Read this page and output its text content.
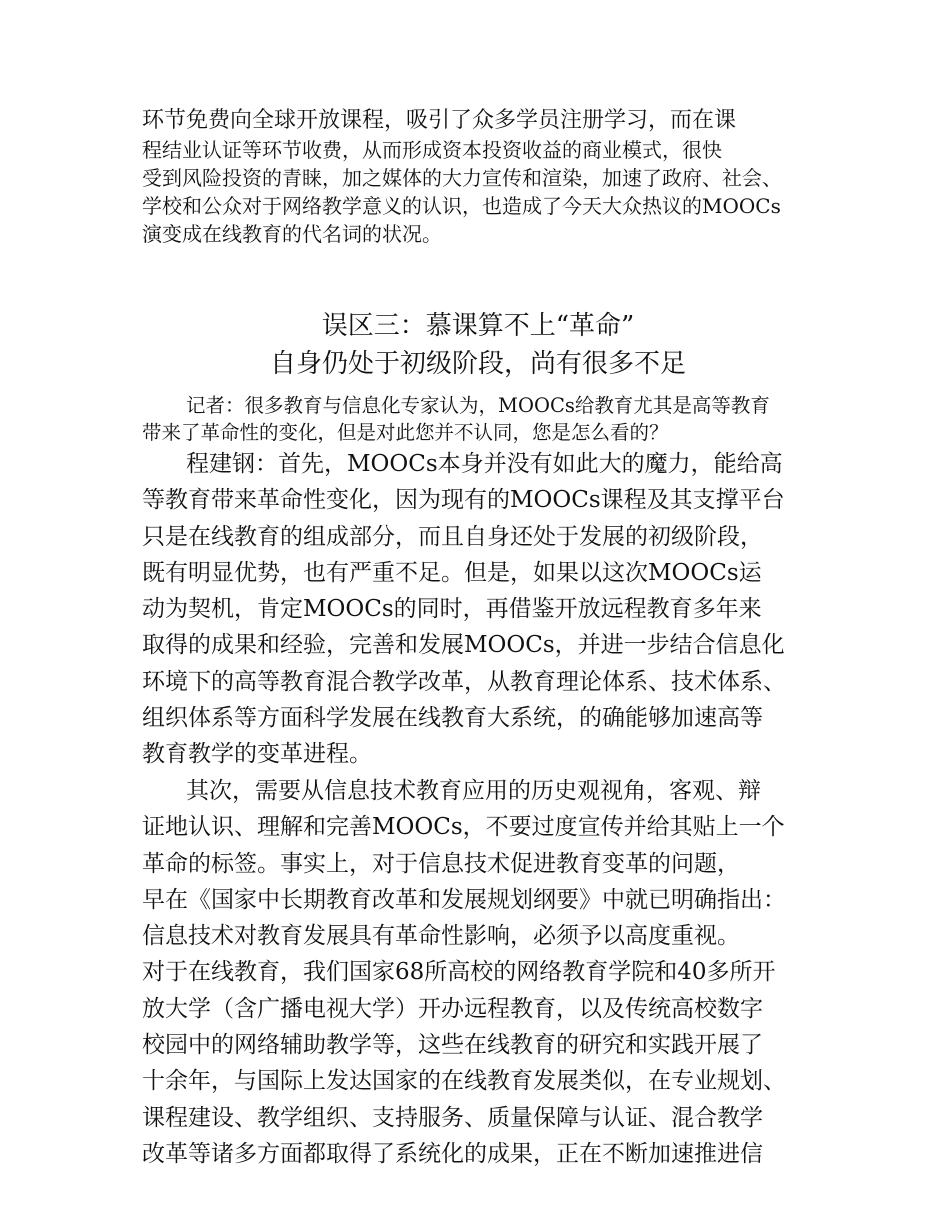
环节免费向全球开放课程，吸引了众多学员注册学习，而在课
程结业认证等环节收费，从而形成资本投资收益的商业模式，很快
受到风险投资的青睐，加之媒体的大力宣传和渲染，加速了政府、社会、
学校和公众对于网络教学意义的认识，也造成了今天大众热议的MOOCs
演变成在线教育的代名词的状况。
误区三：慕课算不上“革命”
自身仍处于初级阶段，尚有很多不足
记者：很多教育与信息化专家认为，MOOCs给教育尤其是高等教育
带来了革命性的变化，但是对此您并不认同，您是怎么看的？
程建钢：首先，MOOCs本身并没有如此大的魔力，能给高
等教育带来革命性变化，因为现有的MOOCs课程及其支撑平台
只是在线教育的组成部分，而且自身还处于发展的初级阶段，
既有明显优势，也有严重不足。但是，如果以这次MOOCs运
动为契机，肯定MOOCs的同时，再借鉴开放远程教育多年来
取得的成果和经验，完善和发展MOOCs，并进一步结合信息化
环境下的高等教育混合教学改革，从教育理论体系、技术体系、
组织体系等方面科学发展在线教育大系统，的确能够加速高等
教育教学的变革进程。
其次，需要从信息技术教育应用的历史观视角，客观、辩
证地认识、理解和完善MOOCs，不要过度宣传并给其贴上一个
革命的标签。事实上，对于信息技术促进教育变革的问题，
早在《国家中长期教育改革和发展规划纲要》中就已明确指出：
信息技术对教育发展具有革命性影响，必须予以高度重视。
对于在线教育，我们国家68所高校的网络教育学院和40多所开
放大学（含广播电视大学）开办远程教育，以及传统高校数字
校园中的网络辅助教学等，这些在线教育的研究和实践开展了
十余年，与国际上发达国家的在线教育发展类似，在专业规划、
课程建设、教学组织、支持服务、质量保障与认证、混合教学
改革等诸多方面都取得了系统化的成果，正在不断加速推进信
